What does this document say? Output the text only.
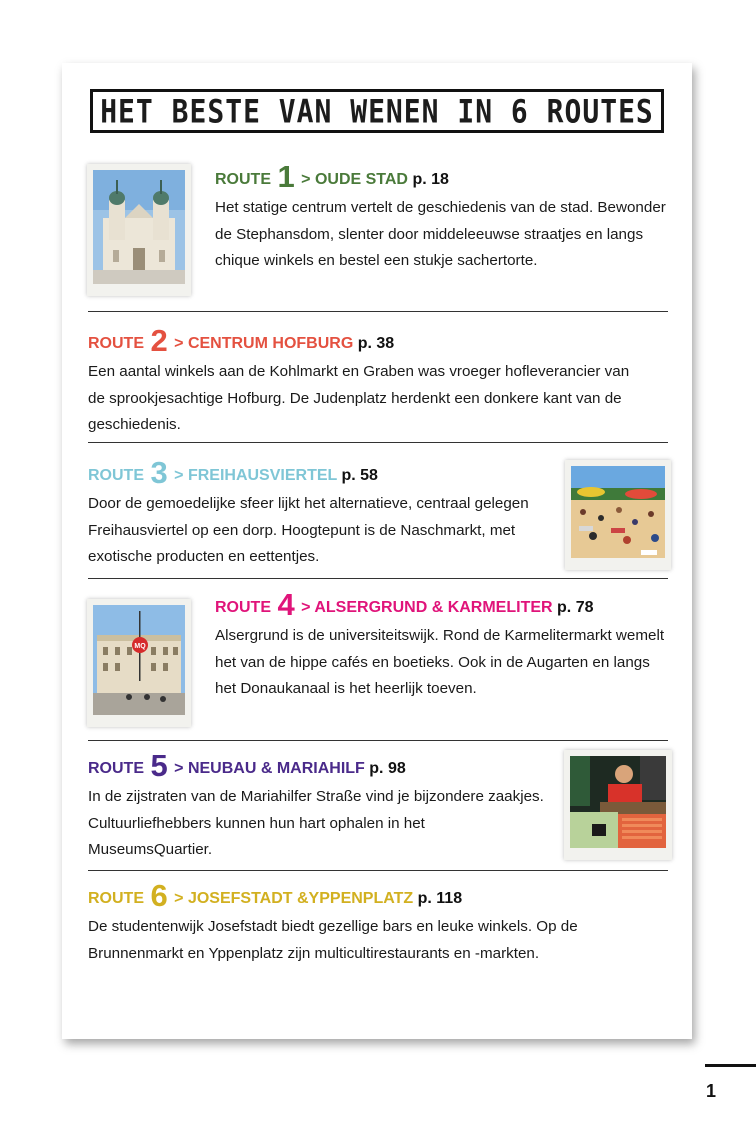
HET BESTE VAN WENEN IN 6 ROUTES
ROUTE 1 > OUDE STAD p. 18

Het statige centrum vertelt de geschiedenis van de stad. Bewonder de Stephansdom, slenter door middeleeuwse straatjes en langs chique winkels en bestel een stukje sachertorte.

ROUTE 2 > CENTRUM HOFBURG p. 38

Een aantal winkels aan de Kohlmarkt en Graben was vroeger hofleverancier van de sprookjesachtige Hofburg. De Judenplatz herdenkt een donkere kant van de geschiedenis.

ROUTE 3 > FREIHAUSVIERTEL p. 58

Door de gemoedelijke sfeer lijkt het alternatieve, centraal gelegen Freihausviertel op een dorp. Hoogtepunt is de Naschmarkt, met exotische producten en eettentjes.

MQ
ROUTE 4 > ALSERGRUND & KARMELITER p. 78

Alsergrund is de universiteitswijk. Rond de Karmelitermarkt wemelt het van de hippe cafés en boetieks. Ook in de Augarten en langs het Donaukanaal is het heerlijk toeven.

ROUTE 5 > NEUBAU & MARIAHILF p. 98

In de zijstraten van de Mariahilfer Straße vind je bijzondere zaakjes. Cultuurliefhebbers kunnen hun hart ophalen in het MuseumsQuartier.

ROUTE 6 > JOSEFSTADT &YPPENPLATZ p. 118

De studentenwijk Josefstadt biedt gezellige bars en leuke winkels. Op de Brunnenmarkt en Yppenplatz zijn multicultirestaurants en -markten.

1
